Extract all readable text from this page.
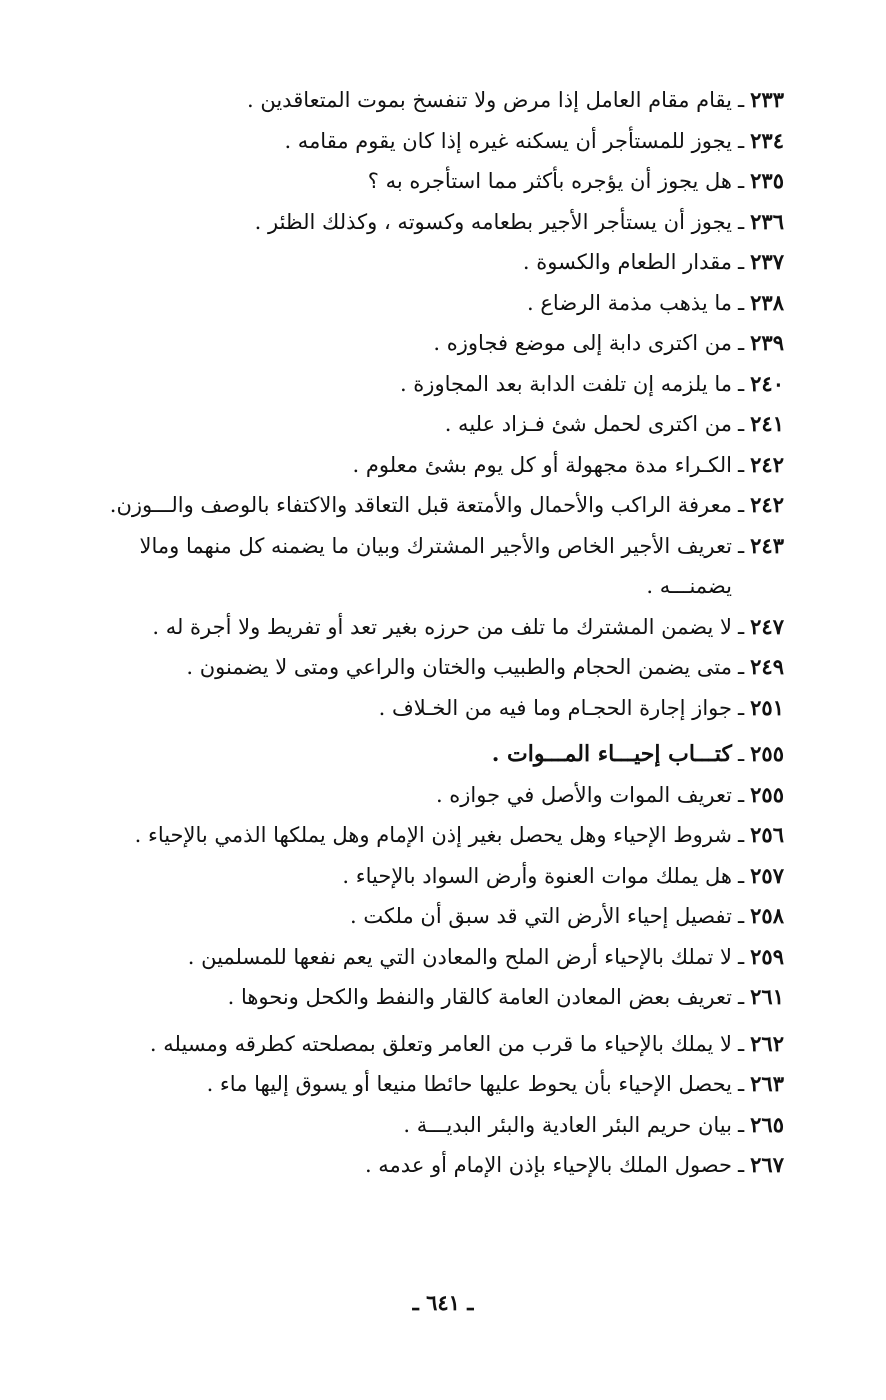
٢٣٣
ـ
يقام مقام العامل إذا مرض ولا تنفسخ بموت المتعاقدين .
٢٣٤
ـ
يجوز للمستأجر أن يسكنه غيره إذا كان يقوم مقامه .
٢٣٥
ـ
هل يجوز أن يؤجره بأكثر مما استأجره به ؟
٢٣٦
ـ
يجوز أن يستأجر الأجير بطعامه وكسوته ، وكذلك الظئر .
٢٣٧
ـ
مقدار الطعام والكسوة .
٢٣٨
ـ
ما يذهب مذمة الرضاع .
٢٣٩
ـ
من اكترى دابة إلى موضع فجاوزه .
٢٤٠
ـ
ما يلزمه إن تلفت الدابة بعد المجاوزة .
٢٤١
ـ
من اكترى لحمل شئ فـزاد عليه .
٢٤٢
ـ
الكـراء مدة مجهولة أو كل يوم بشئ معلوم .
٢٤٢
ـ
معرفة الراكب والأحمال والأمتعة قبل التعاقد والاكتفاء بالوصف والـــوزن.
٢٤٣
ـ
تعريف الأجير الخاص والأجير المشترك وبيان ما يضمنه كل منهما ومالا يضمنـــه .
٢٤٧
ـ
لا يضمن المشترك ما تلف من حرزه بغير تعد أو تفريط ولا أجرة له .
٢٤٩
ـ
متى يضمن الحجام والطبيب والختان والراعي ومتى لا يضمنون .
٢٥١
ـ
جواز إجارة الحجـام وما فيه من الخـلاف .
٢٥٥
ـ
كتـــاب إحيـــاء المـــوات .
٢٥٥
ـ
تعريف الموات والأصل في جوازه .
٢٥٦
ـ
شروط الإحياء وهل يحصل بغير إذن الإمام وهل يملكها الذمي بالإحياء .
٢٥٧
ـ
هل يملك موات العنوة وأرض السواد بالإحياء .
٢٥٨
ـ
تفصيل إحياء الأرض التي قد سبق أن ملكت .
٢٥٩
ـ
لا تملك بالإحياء أرض الملح والمعادن التي يعم نفعها للمسلمين .
٢٦١
ـ
تعريف بعض المعادن العامة كالقار والنفط والكحل ونحوها .
٢٦٢
ـ
لا يملك بالإحياء ما قرب من العامر وتعلق بمصلحته كطرقه ومسيله .
٢٦٣
ـ
يحصل الإحياء بأن يحوط عليها حائطا منيعا أو يسوق إليها ماء .
٢٦٥
ـ
بيان حريم البئر العادية والبئر البديـــة .
٢٦٧
ـ
حصول الملك بالإحياء بإذن الإمام أو عدمه .
ـ ٦٤١ ـ
